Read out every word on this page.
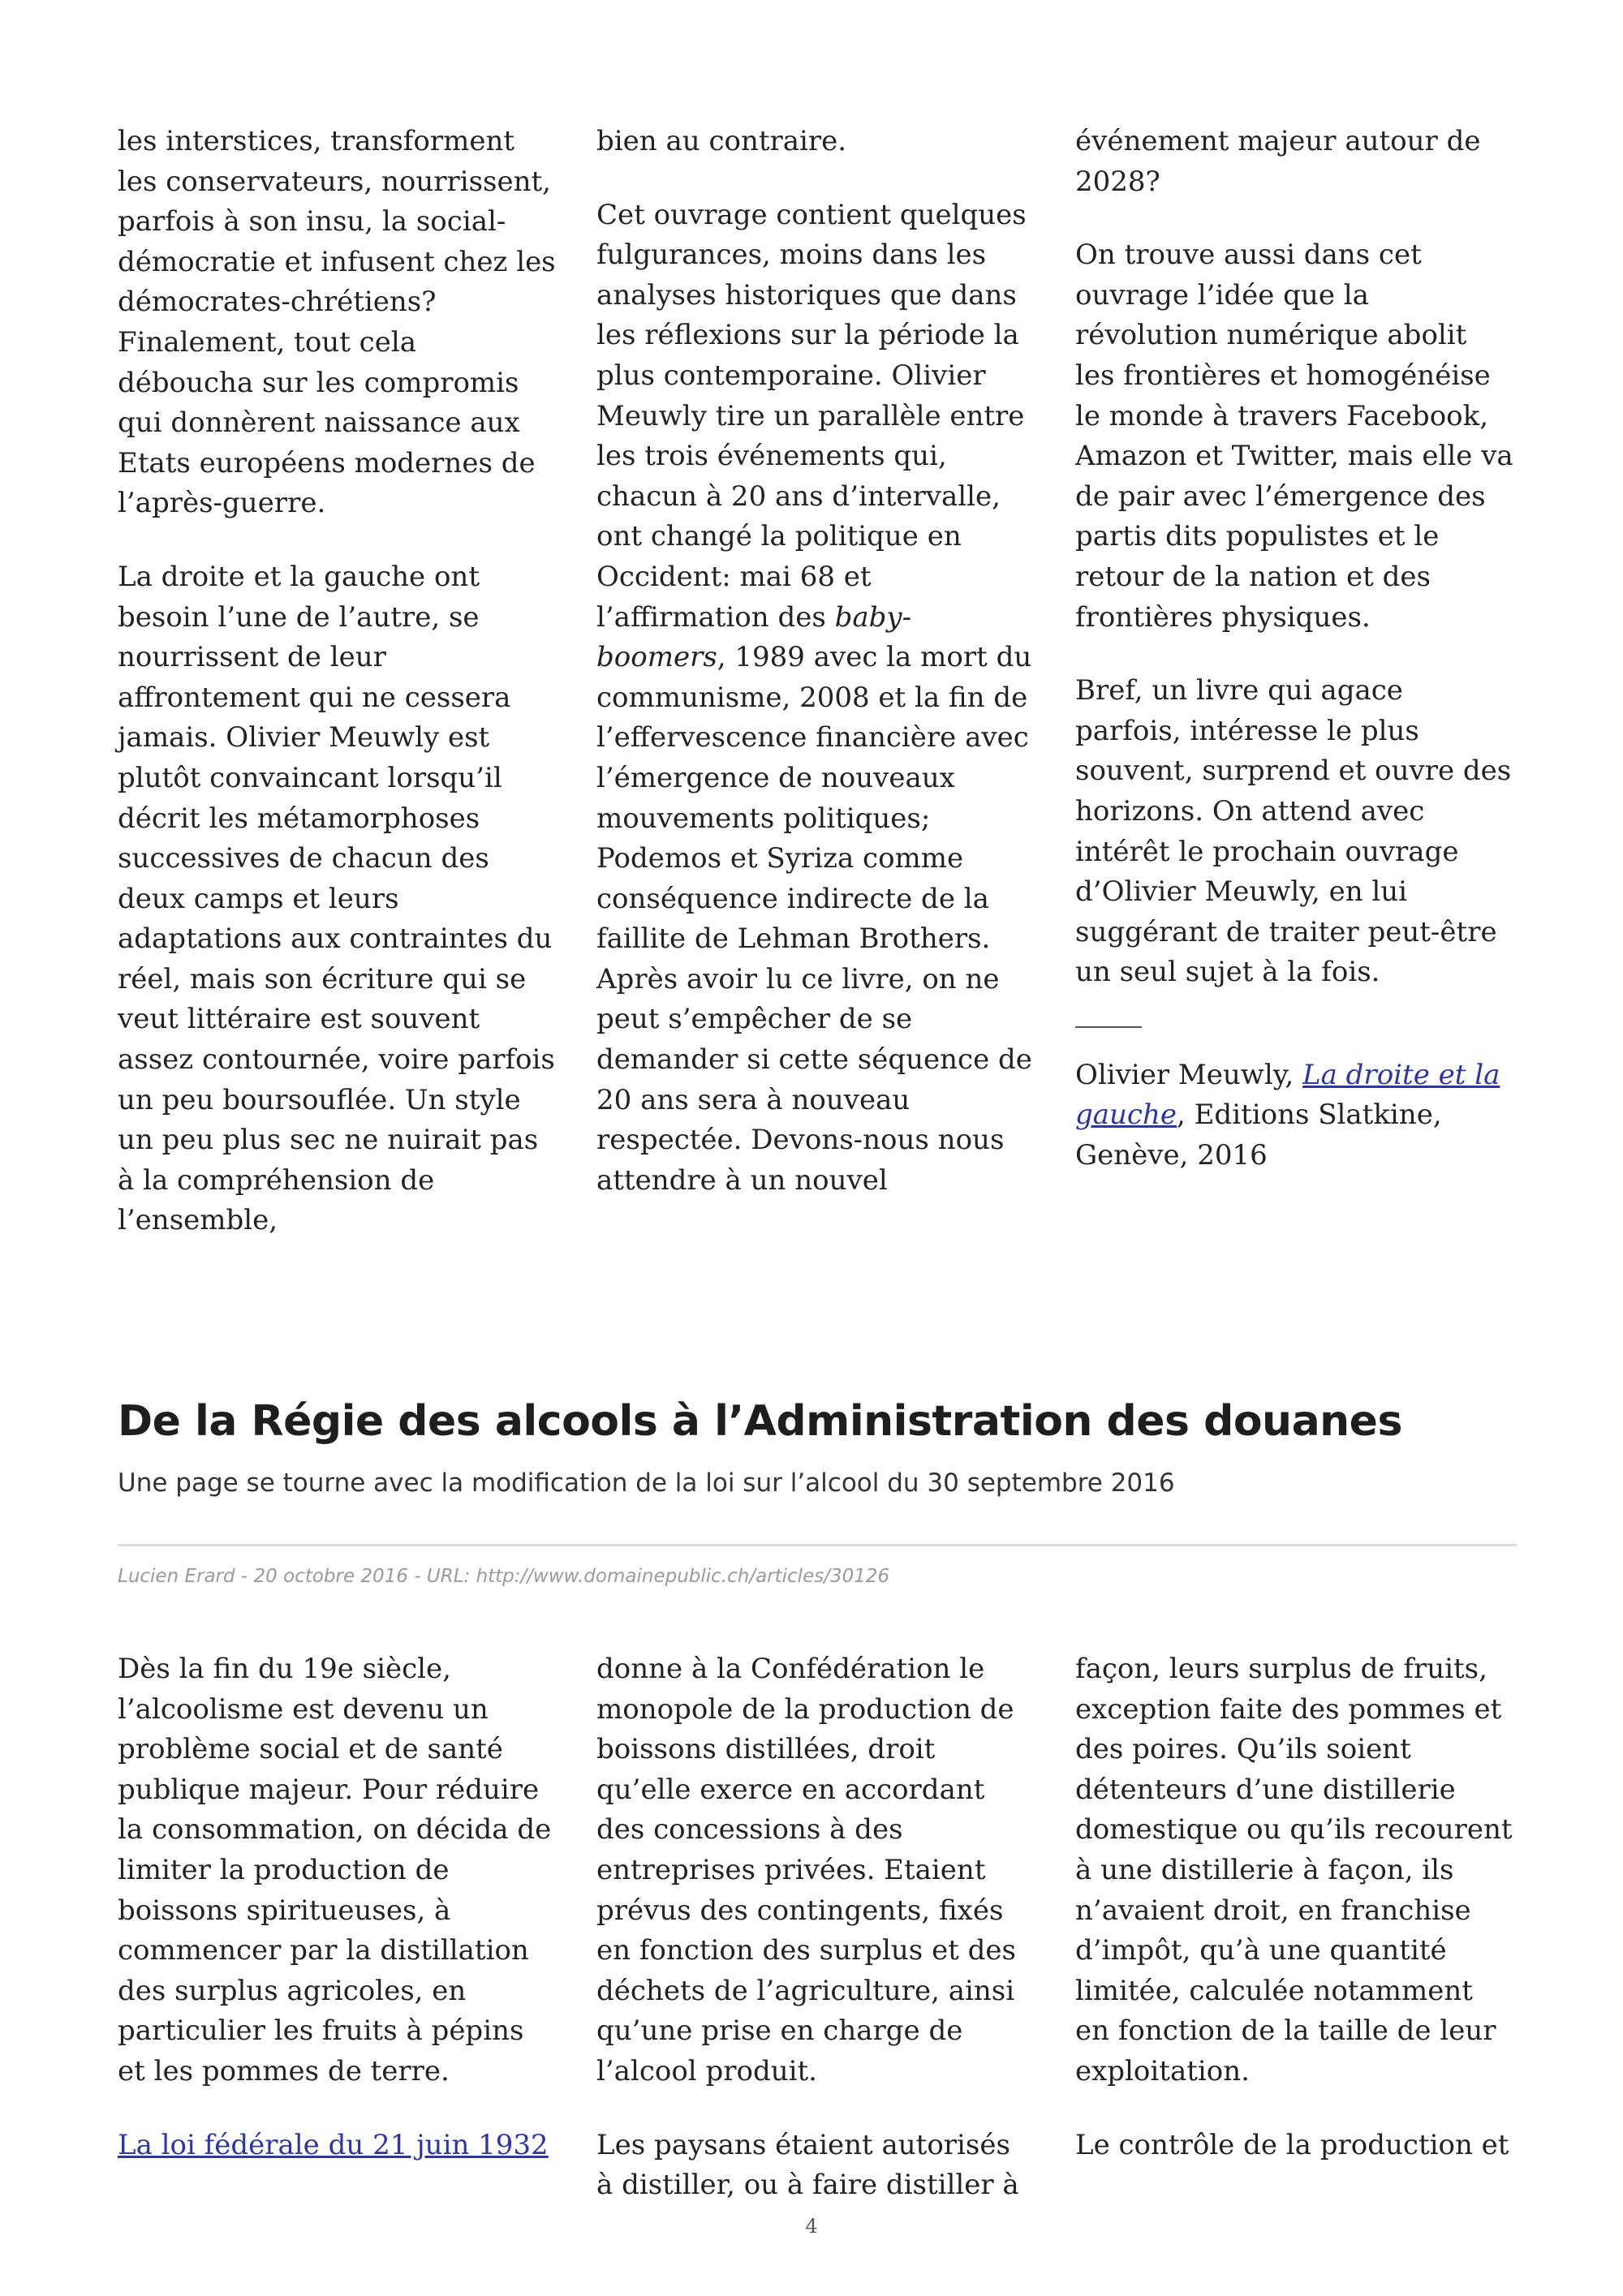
les interstices, transforment les conservateurs, nourrissent, parfois à son insu, la social-démocratie et infusent chez les démocrates-chrétiens? Finalement, tout cela déboucha sur les compromis qui donnèrent naissance aux Etats européens modernes de l’après-guerre.

La droite et la gauche ont besoin l’une de l’autre, se nourrissent de leur affrontement qui ne cessera jamais. Olivier Meuwly est plutôt convaincant lorsqu’il décrit les métamorphoses successives de chacun des deux camps et leurs adaptations aux contraintes du réel, mais son écriture qui se veut littéraire est souvent assez contournée, voire parfois un peu boursouflée. Un style un peu plus sec ne nuirait pas à la compréhension de l’ensemble,

bien au contraire.

Cet ouvrage contient quelques fulgurances, moins dans les analyses historiques que dans les réflexions sur la période la plus contemporaine. Olivier Meuwly tire un parallèle entre les trois événements qui, chacun à 20 ans d’intervalle, ont changé la politique en Occident: mai 68 et l’affirmation des baby-boomers, 1989 avec la mort du communisme, 2008 et la fin de l’effervescence financière avec l’émergence de nouveaux mouvements politiques; Podemos et Syriza comme conséquence indirecte de la faillite de Lehman Brothers. Après avoir lu ce livre, on ne peut s’empêcher de se demander si cette séquence de 20 ans sera à nouveau respectée. Devons-nous nous attendre à un nouvel

événement majeur autour de 2028?

On trouve aussi dans cet ouvrage l’idée que la révolution numérique abolit les frontières et homogénéise le monde à travers Facebook, Amazon et Twitter, mais elle va de pair avec l’émergence des partis dits populistes et le retour de la nation et des frontières physiques.

Bref, un livre qui agace parfois, intéresse le plus souvent, surprend et ouvre des horizons. On attend avec intérêt le prochain ouvrage d’Olivier Meuwly, en lui suggérant de traiter peut-être un seul sujet à la fois.

Olivier Meuwly, La droite et la gauche, Editions Slatkine, Genève, 2016

De la Régie des alcools à l’Administration des douanes
Une page se tourne avec la modification de la loi sur l’alcool du 30 septembre 2016
Lucien Erard - 20 octobre 2016 - URL: http://www.domainepublic.ch/articles/30126

Dès la fin du 19e siècle, l’alcoolisme est devenu un problème social et de santé publique majeur. Pour réduire la consommation, on décida de limiter la production de boissons spiritueuses, à commencer par la distillation des surplus agricoles, en particulier les fruits à pépins et les pommes de terre.

La loi fédérale du 21 juin 1932

donne à la Confédération le monopole de la production de boissons distillées, droit qu’elle exerce en accordant des concessions à des entreprises privées. Etaient prévus des contingents, fixés en fonction des surplus et des déchets de l’agriculture, ainsi qu’une prise en charge de l’alcool produit.

Les paysans étaient autorisés à distiller, ou à faire distiller à

façon, leurs surplus de fruits, exception faite des pommes et des poires. Qu’ils soient détenteurs d’une distillerie domestique ou qu’ils recourent à une distillerie à façon, ils n’avaient droit, en franchise d’impôt, qu’à une quantité limitée, calculée notamment en fonction de la taille de leur exploitation.

Le contrôle de la production et

4
